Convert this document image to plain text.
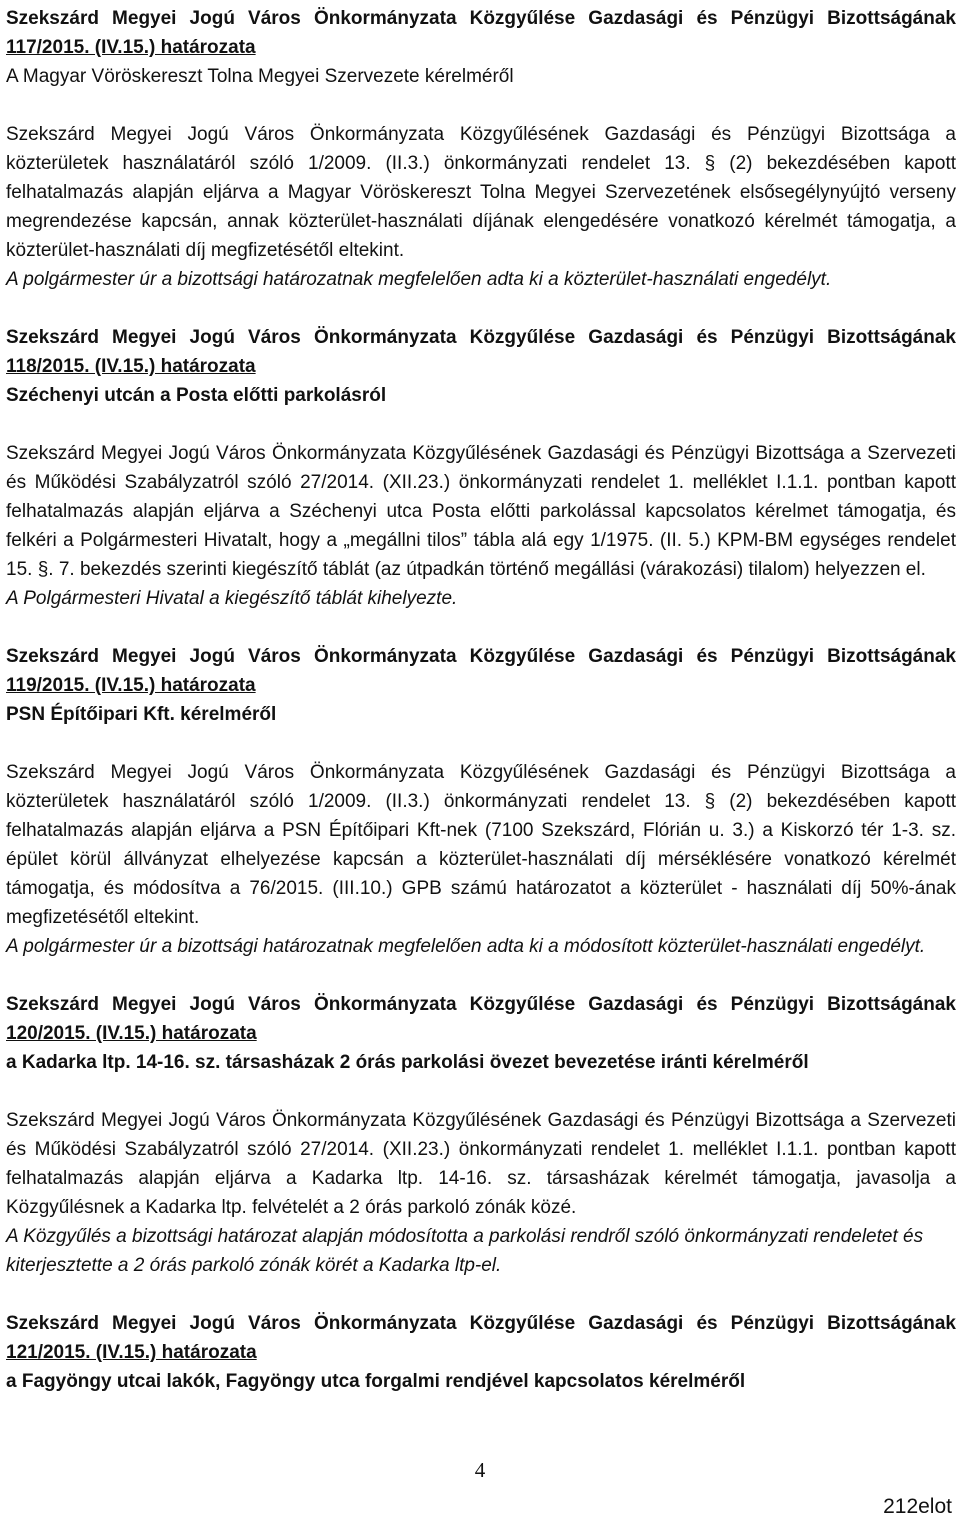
Szekszárd Megyei Jogú Város Önkormányzata Közgyűlése Gazdasági és Pénzügyi Bizottságának
117/2015. (IV.15.) határozata
A Magyar Vöröskereszt Tolna Megyei Szervezete kérelméről

Szekszárd Megyei Jogú Város Önkormányzata Közgyűlésének Gazdasági és Pénzügyi Bizottsága a közterületek használatáról szóló 1/2009. (II.3.) önkormányzati rendelet 13. § (2) bekezdésében kapott felhatalmazás alapján eljárva a Magyar Vöröskereszt Tolna Megyei Szervezetének elsősegélynyújtó verseny megrendezése kapcsán, annak közterület-használati díjának elengedésére vonatkozó kérelmét támogatja, a közterület-használati díj megfizetésétől eltekint.

A polgármester úr a bizottsági határozatnak megfelelően adta ki a közterület-használati engedélyt.

Szekszárd Megyei Jogú Város Önkormányzata Közgyűlése Gazdasági és Pénzügyi Bizottságának
118/2015. (IV.15.) határozata
Széchenyi utcán a Posta előtti parkolásról

Szekszárd Megyei Jogú Város Önkormányzata Közgyűlésének Gazdasági és Pénzügyi Bizottsága a Szervezeti és Működési Szabályzatról szóló 27/2014. (XII.23.) önkormányzati rendelet 1. melléklet I.1.1. pontban kapott felhatalmazás alapján eljárva a Széchenyi utca Posta előtti parkolással kapcsolatos kérelmet támogatja, és felkéri a Polgármesteri Hivatalt, hogy a „megállni tilos” tábla alá egy 1/1975. (II. 5.) KPM-BM egységes rendelet 15. §. 7. bekezdés szerinti kiegészítő táblát (az útpadkán történő megállási (várakozási) tilalom) helyezzen el.

A Polgármesteri Hivatal a kiegészítő táblát kihelyezte.

Szekszárd Megyei Jogú Város Önkormányzata Közgyűlése Gazdasági és Pénzügyi Bizottságának
119/2015. (IV.15.) határozata
PSN Építőipari Kft. kérelméről

Szekszárd Megyei Jogú Város Önkormányzata Közgyűlésének Gazdasági és Pénzügyi Bizottsága a közterületek használatáról szóló 1/2009. (II.3.) önkormányzati rendelet 13. § (2) bekezdésében kapott felhatalmazás alapján eljárva a PSN Építőipari Kft-nek (7100 Szekszárd, Flórián u. 3.) a Kiskorzó tér 1-3. sz. épület körül állványzat elhelyezése kapcsán a közterület-használati díj mérséklésére vonatkozó kérelmét támogatja, és módosítva a 76/2015. (III.10.) GPB számú határozatot a közterület - használati díj 50%-ának megfizetésétől eltekint.

A polgármester úr a bizottsági határozatnak megfelelően adta ki a módosított közterület-használati engedélyt.

Szekszárd Megyei Jogú Város Önkormányzata Közgyűlése Gazdasági és Pénzügyi Bizottságának
120/2015. (IV.15.) határozata
a Kadarka ltp. 14-16. sz. társasházak 2 órás parkolási övezet bevezetése iránti kérelméről

Szekszárd Megyei Jogú Város Önkormányzata Közgyűlésének Gazdasági és Pénzügyi Bizottsága a Szervezeti és Működési Szabályzatról szóló 27/2014. (XII.23.) önkormányzati rendelet 1. melléklet I.1.1. pontban kapott felhatalmazás alapján eljárva a Kadarka ltp. 14-16. sz. társasházak kérelmét támogatja, javasolja a Közgyűlésnek a Kadarka ltp. felvételét a 2 órás parkoló zónák közé.

A Közgyűlés a bizottsági határozat alapján módosította a parkolási rendről szóló önkormányzati rendeletet és kiterjesztette a 2 órás parkoló zónák körét a Kadarka ltp-el.

Szekszárd Megyei Jogú Város Önkormányzata Közgyűlése Gazdasági és Pénzügyi Bizottságának
121/2015. (IV.15.) határozata
a Fagyöngy utcai lakók, Fagyöngy utca forgalmi rendjével kapcsolatos kérelméről
4
212elot
